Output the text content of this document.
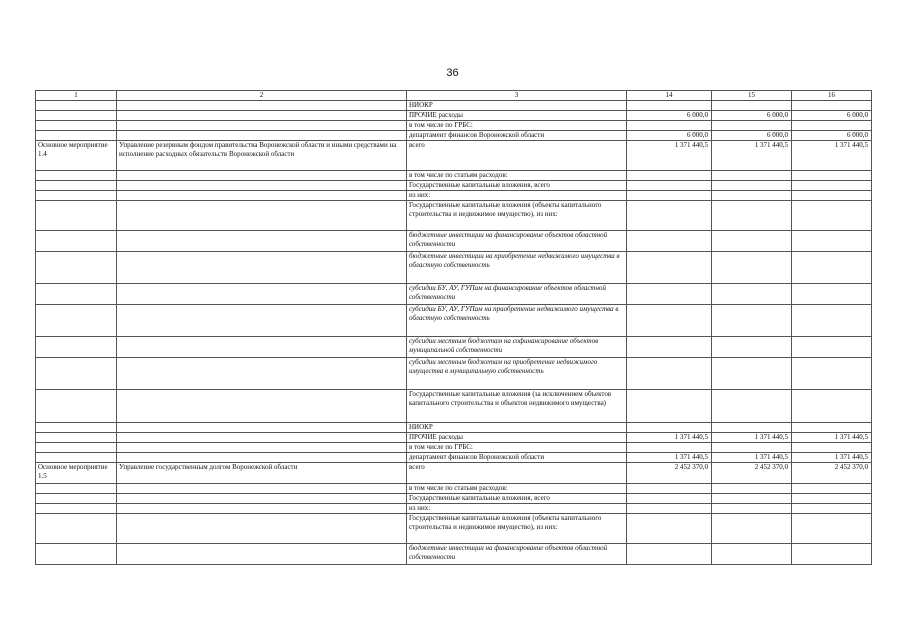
36
1	2	3	14	15	16
		НИОКР			
		ПРОЧИЕ расходы	6 000,0	6 000,0	6 000,0
		в том числе по ГРБС:			
		департамент финансов Воронежской области	6 000,0	6 000,0	6 000,0
Основное мероприятие 1.4	Управление резервным фондом правительства Воронежской области и иными средствами на исполнение расходных обязательств Воронежской области	всего	1 371 440,5	1 371 440,5	1 371 440,5
		в том числе по статьям расходов:			
		Государственные капитальные вложения, всего			
		из них:			
		Государственные капитальные вложения (объекты капитального строительства и недвижимое имущество), из них:			
		бюджетные инвестиции на финансирование объектов областной собственности			
		бюджетные инвестиции на приобретение недвижимого имущества в областную собственность			
		субсидии БУ, АУ, ГУПам на финансирование объектов областной собственности			
		субсидии БУ, АУ, ГУПам на приобретение недвижимого имущества в областную собственность			
		субсидии местным бюджетам на софинансирование объектов муниципальной собственности			
		субсидии местным бюджетам на приобретение недвижимого имущества в муниципальную собственность			
		Государственные капитальные вложения (за исключением объектов капитального строительства и объектов недвижимого имущества)			
		НИОКР			
		ПРОЧИЕ расходы	1 371 440,5	1 371 440,5	1 371 440,5
		в том числе по ГРБС:			
		департамент финансов Воронежской области	1 371 440,5	1 371 440,5	1 371 440,5
Основное мероприятие 1.5	Управление государственным долгом Воронежской области	всего	2 452 370,0	2 452 370,0	2 452 370,0
		в том числе по статьям расходов:			
		Государственные капитальные вложения, всего			
		из них:			
		Государственные капитальные вложения (объекты капитального строительства и недвижимое имущество), из них:			
		бюджетные инвестиции на финансирование объектов областной собственности			
